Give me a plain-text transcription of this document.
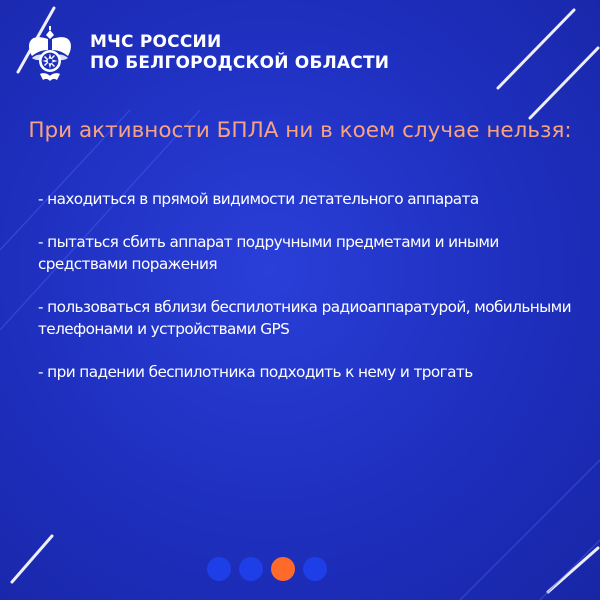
МЧС РОССИИ
ПО БЕЛГОРОДСКОЙ ОБЛАСТИ
При активности БПЛА ни в коем случае нельзя:
- находиться в прямой видимости летательного аппарата
- пытаться сбить аппарат подручными предметами и иными средствами поражения
- пользоваться вблизи беспилотника радиоаппаратурой, мобильными телефонами и устройствами GPS
- при падении беспилотника подходить к нему и трогать
